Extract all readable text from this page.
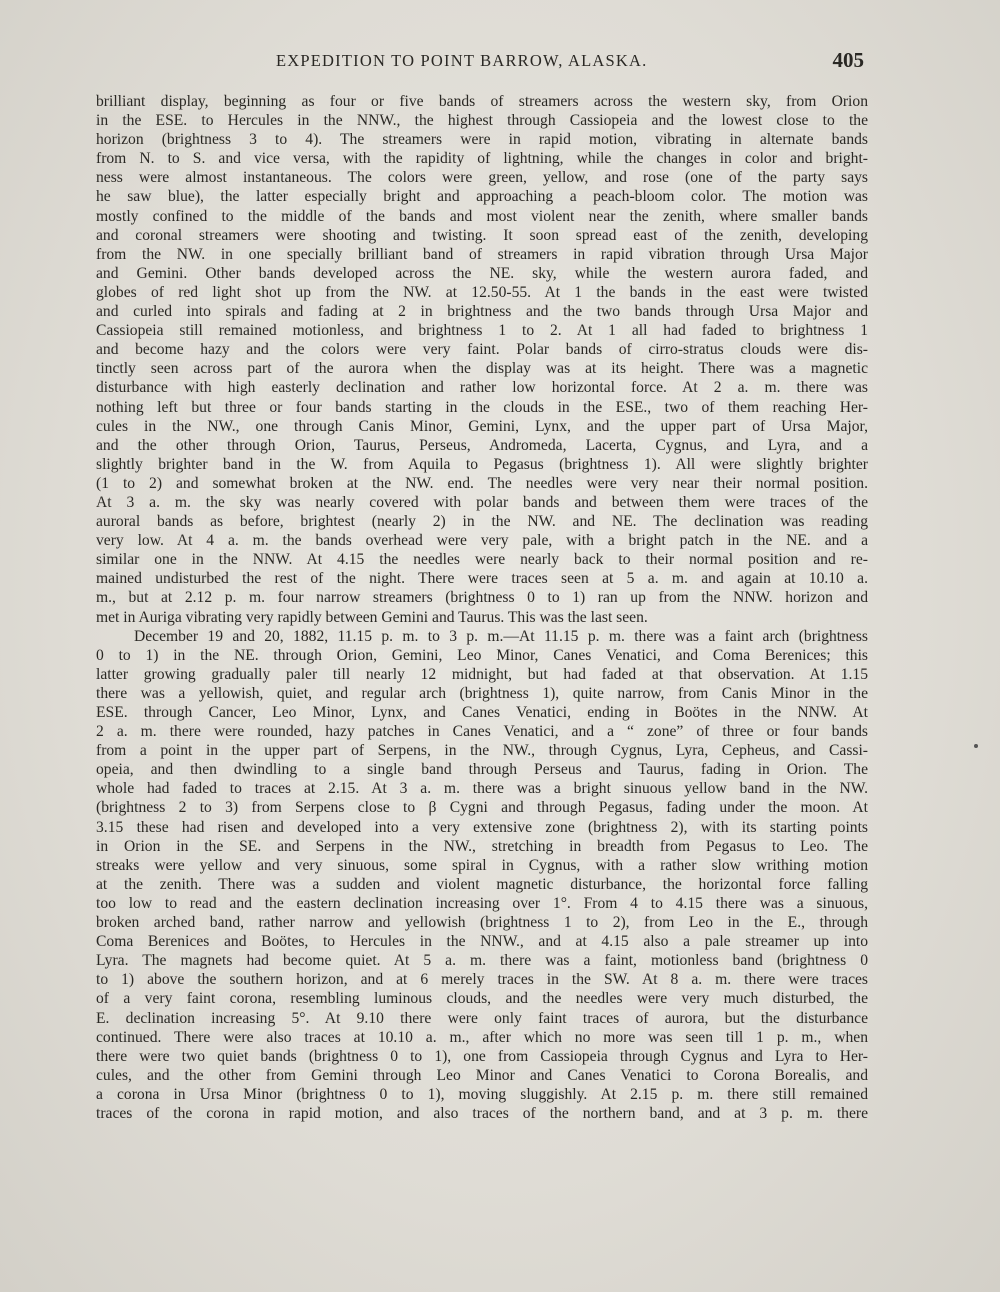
EXPEDITION TO POINT BARROW, ALASKA.	405
brilliant display, beginning as four or five bands of streamers across the western sky, from Orion
in the ESE. to Hercules in the NNW., the highest through Cassiopeia and the lowest close to the
horizon (brightness 3 to 4). The streamers were in rapid motion, vibrating in alternate bands
from N. to S. and vice versa, with the rapidity of lightning, while the changes in color and bright-
ness were almost instantaneous. The colors were green, yellow, and rose (one of the party says
he saw blue), the latter especially bright and approaching a peach-bloom color. The motion was
mostly confined to the middle of the bands and most violent near the zenith, where smaller bands
and coronal streamers were shooting and twisting. It soon spread east of the zenith, developing
from the NW. in one specially brilliant band of streamers in rapid vibration through Ursa Major
and Gemini. Other bands developed across the NE. sky, while the western aurora faded, and
globes of red light shot up from the NW. at 12.50-55. At 1 the bands in the east were twisted
and curled into spirals and fading at 2 in brightness and the two bands through Ursa Major and
Cassiopeia still remained motionless, and brightness 1 to 2. At 1 all had faded to brightness 1
and become hazy and the colors were very faint. Polar bands of cirro-stratus clouds were dis-
tinctly seen across part of the aurora when the display was at its height. There was a magnetic
disturbance with high easterly declination and rather low horizontal force. At 2 a. m. there was
nothing left but three or four bands starting in the clouds in the ESE., two of them reaching Her-
cules in the NW., one through Canis Minor, Gemini, Lynx, and the upper part of Ursa Major,
and the other through Orion, Taurus, Perseus, Andromeda, Lacerta, Cygnus, and Lyra, and a
slightly brighter band in the W. from Aquila to Pegasus (brightness 1). All were slightly brighter
(1 to 2) and somewhat broken at the NW. end. The needles were very near their normal position.
At 3 a. m. the sky was nearly covered with polar bands and between them were traces of the
auroral bands as before, brightest (nearly 2) in the NW. and NE. The declination was reading
very low. At 4 a. m. the bands overhead were very pale, with a bright patch in the NE. and a
similar one in the NNW. At 4.15 the needles were nearly back to their normal position and re-
mained undisturbed the rest of the night. There were traces seen at 5 a. m. and again at 10.10 a.
m., but at 2.12 p. m. four narrow streamers (brightness 0 to 1) ran up from the NNW. horizon and
met in Auriga vibrating very rapidly between Gemini and Taurus. This was the last seen.
December 19 and 20, 1882, 11.15 p. m. to 3 p. m.—At 11.15 p. m. there was a faint arch (brightness
0 to 1) in the NE. through Orion, Gemini, Leo Minor, Canes Venatici, and Coma Berenices; this
latter growing gradually paler till nearly 12 midnight, but had faded at that observation. At 1.15
there was a yellowish, quiet, and regular arch (brightness 1), quite narrow, from Canis Minor in the
ESE. through Cancer, Leo Minor, Lynx, and Canes Venatici, ending in Boötes in the NNW. At
2 a. m. there were rounded, hazy patches in Canes Venatici, and a “ zone” of three or four bands
from a point in the upper part of Serpens, in the NW., through Cygnus, Lyra, Cepheus, and Cassi-
opeia, and then dwindling to a single band through Perseus and Taurus, fading in Orion. The
whole had faded to traces at 2.15. At 3 a. m. there was a bright sinuous yellow band in the NW.
(brightness 2 to 3) from Serpens close to β Cygni and through Pegasus, fading under the moon. At
3.15 these had risen and developed into a very extensive zone (brightness 2), with its starting points
in Orion in the SE. and Serpens in the NW., stretching in breadth from Pegasus to Leo. The
streaks were yellow and very sinuous, some spiral in Cygnus, with a rather slow writhing motion
at the zenith. There was a sudden and violent magnetic disturbance, the horizontal force falling
too low to read and the eastern declination increasing over 1°. From 4 to 4.15 there was a sinuous,
broken arched band, rather narrow and yellowish (brightness 1 to 2), from Leo in the E., through
Coma Berenices and Boötes, to Hercules in the NNW., and at 4.15 also a pale streamer up into
Lyra. The magnets had become quiet. At 5 a. m. there was a faint, motionless band (brightness 0
to 1) above the southern horizon, and at 6 merely traces in the SW. At 8 a. m. there were traces
of a very faint corona, resembling luminous clouds, and the needles were very much disturbed, the
E. declination increasing 5°. At 9.10 there were only faint traces of aurora, but the disturbance
continued. There were also traces at 10.10 a. m., after which no more was seen till 1 p. m., when
there were two quiet bands (brightness 0 to 1), one from Cassiopeia through Cygnus and Lyra to Her-
cules, and the other from Gemini through Leo Minor and Canes Venatici to Corona Borealis, and
a corona in Ursa Minor (brightness 0 to 1), moving sluggishly. At 2.15 p. m. there still remained
traces of the corona in rapid motion, and also traces of the northern band, and at 3 p. m. there
